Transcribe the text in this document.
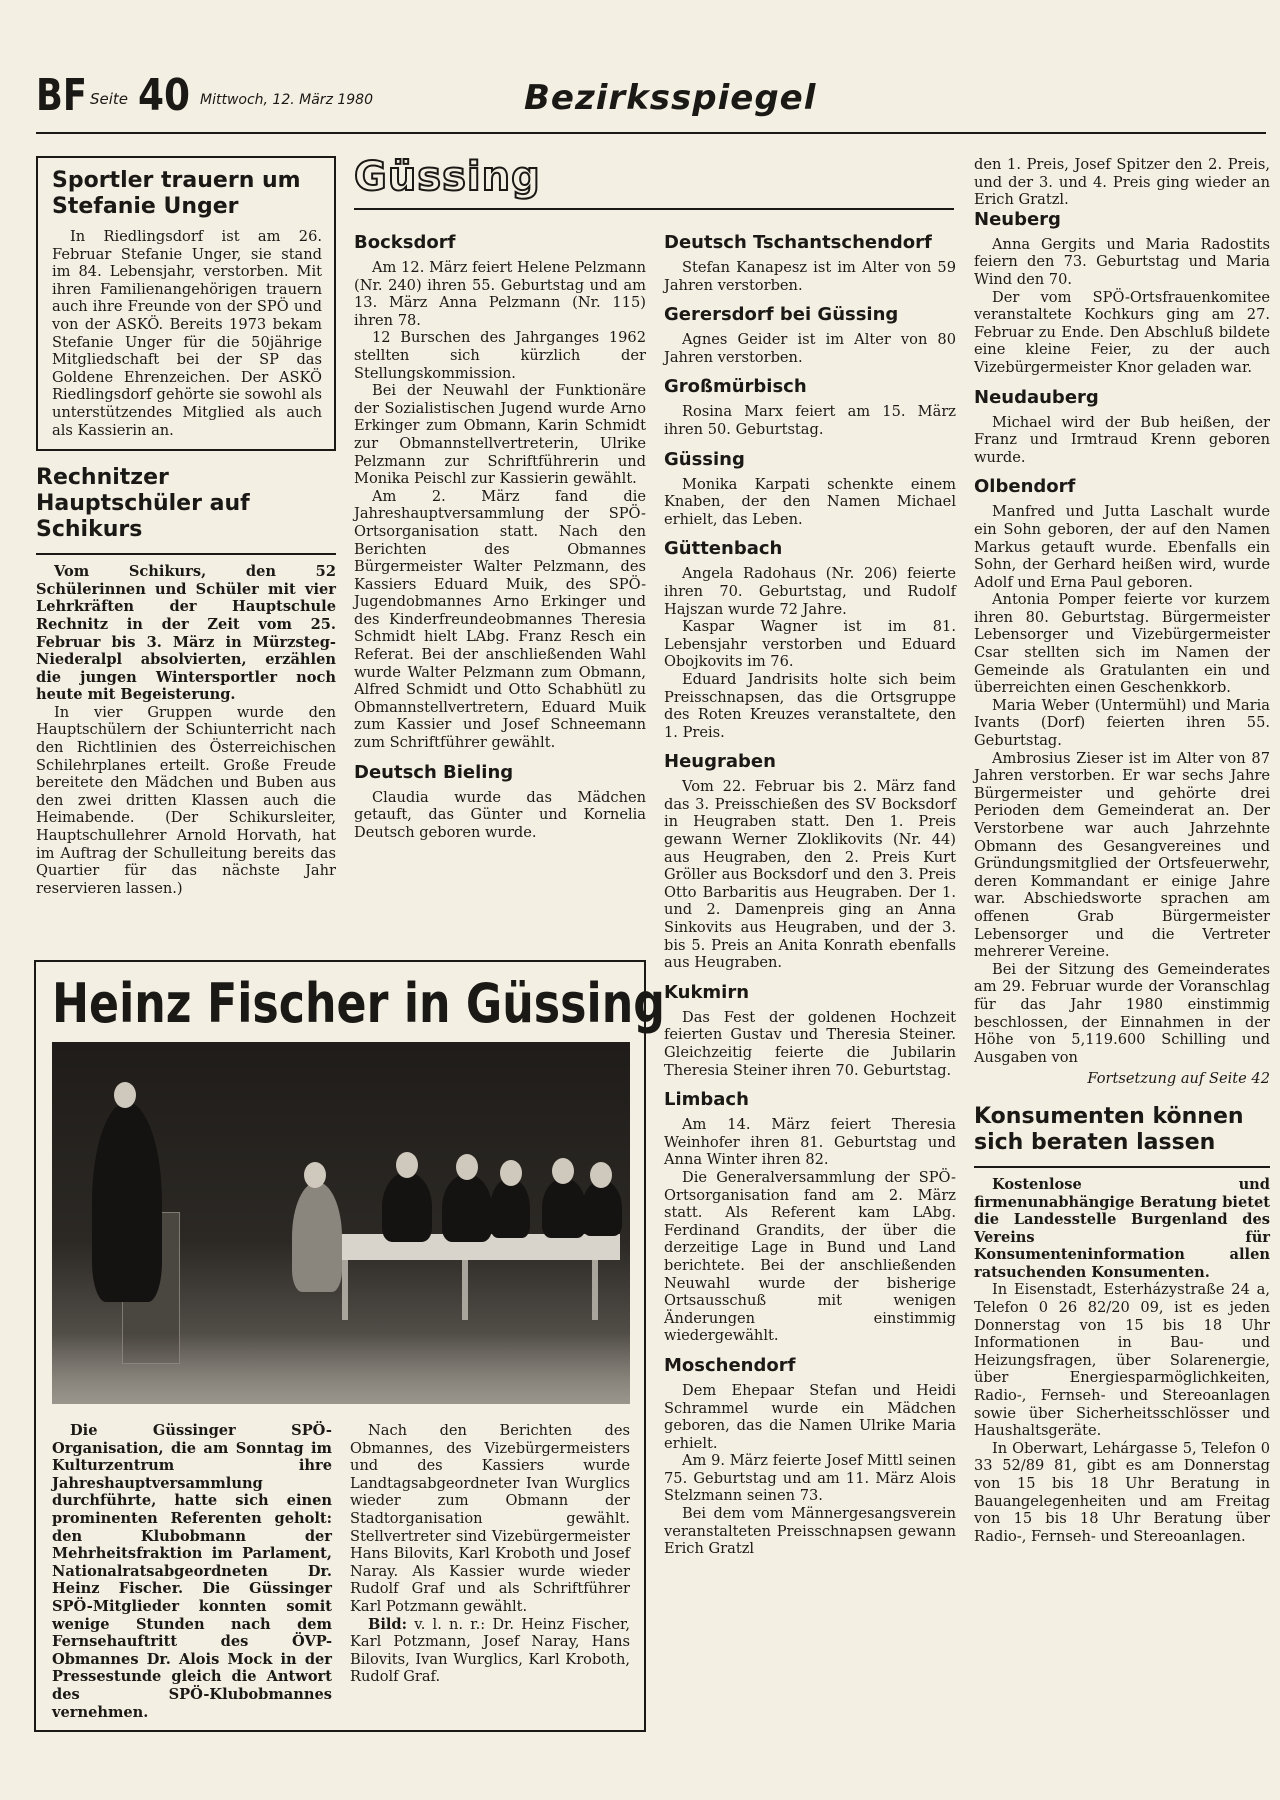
BF Seite 40 Mittwoch, 12. März 1980	Bezirksspiegel
Sportler trauern um Stefanie Unger

In Riedlingsdorf ist am 26. Februar Stefanie Unger, sie stand im 84. Lebensjahr, verstorben. Mit ihren Familienangehörigen trauern auch ihre Freunde von der SPÖ und von der ASKÖ. Bereits 1973 bekam Stefanie Unger für die 50jährige Mitgliedschaft bei der SP das Goldene Ehrenzeichen. Der ASKÖ Riedlingsdorf gehörte sie sowohl als unterstützendes Mitglied als auch als Kassierin an.

Rechnitzer Hauptschüler auf Schikurs

Vom Schikurs, den 52 Schülerinnen und Schüler mit vier Lehrkräften der Hauptschule Rechnitz in der Zeit vom 25. Februar bis 3. März in Mürzsteg-Niederalpl absolvierten, erzählen die jungen Wintersportler noch heute mit Begeisterung.

In vier Gruppen wurde den Hauptschülern der Schiunterricht nach den Richtlinien des Österreichischen Schilehrplanes erteilt. Große Freude bereitete den Mädchen und Buben aus den zwei dritten Klassen auch die Heimabende. (Der Schikursleiter, Hauptschullehrer Arnold Horvath, hat im Auftrag der Schulleitung bereits das Quartier für das nächste Jahr reservieren lassen.)

Güssing
Bocksdorf

Am 12. März feiert Helene Pelzmann (Nr. 240) ihren 55. Geburtstag und am 13. März Anna Pelzmann (Nr. 115) ihren 78.

12 Burschen des Jahrganges 1962 stellten sich kürzlich der Stellungskommission.

Bei der Neuwahl der Funktionäre der Sozialistischen Jugend wurde Arno Erkinger zum Obmann, Karin Schmidt zur Obmannstellvertreterin, Ulrike Pelzmann zur Schriftführerin und Monika Peischl zur Kassierin gewählt.

Am 2. März fand die Jahreshauptversammlung der SPÖ-Ortsorganisation statt. Nach den Berichten des Obmannes Bürgermeister Walter Pelzmann, des Kassiers Eduard Muik, des SPÖ-Jugendobmannes Arno Erkinger und des Kinderfreundeobmannes Theresia Schmidt hielt LAbg. Franz Resch ein Referat. Bei der anschließenden Wahl wurde Walter Pelzmann zum Obmann, Alfred Schmidt und Otto Schabhütl zu Obmannstellvertretern, Eduard Muik zum Kassier und Josef Schneemann zum Schriftführer gewählt.

Deutsch Bieling

Claudia wurde das Mädchen getauft, das Günter und Kornelia Deutsch geboren wurde.

Deutsch Tschantschendorf

Stefan Kanapesz ist im Alter von 59 Jahren verstorben.

Gerersdorf bei Güssing

Agnes Geider ist im Alter von 80 Jahren verstorben.

Großmürbisch

Rosina Marx feiert am 15. März ihren 50. Geburtstag.

Güssing

Monika Karpati schenkte einem Knaben, der den Namen Michael erhielt, das Leben.

Güttenbach

Angela Radohaus (Nr. 206) feierte ihren 70. Geburtstag, und Rudolf Hajszan wurde 72 Jahre.

Kaspar Wagner ist im 81. Lebensjahr verstorben und Eduard Obojkovits im 76.

Eduard Jandrisits holte sich beim Preisschnapsen, das die Ortsgruppe des Roten Kreuzes veranstaltete, den 1. Preis.

Heugraben

Vom 22. Februar bis 2. März fand das 3. Preisschießen des SV Bocksdorf in Heugraben statt. Den 1. Preis gewann Werner Zloklikovits (Nr. 44) aus Heugraben, den 2. Preis Kurt Gröller aus Bocksdorf und den 3. Preis Otto Barbaritis aus Heugraben. Der 1. und 2. Damenpreis ging an Anna Sinkovits aus Heugraben, und der 3. bis 5. Preis an Anita Konrath ebenfalls aus Heugraben.

Kukmirn

Das Fest der goldenen Hochzeit feierten Gustav und Theresia Steiner. Gleichzeitig feierte die Jubilarin Theresia Steiner ihren 70. Geburtstag.

Limbach

Am 14. März feiert Theresia Weinhofer ihren 81. Geburtstag und Anna Winter ihren 82.

Die Generalversammlung der SPÖ-Ortsorganisation fand am 2. März statt. Als Referent kam LAbg. Ferdinand Grandits, der über die derzeitige Lage in Bund und Land berichtete. Bei der anschließenden Neuwahl wurde der bisherige Ortsausschuß mit wenigen Änderungen einstimmig wiedergewählt.

Moschendorf

Dem Ehepaar Stefan und Heidi Schrammel wurde ein Mädchen geboren, das die Namen Ulrike Maria erhielt.

Am 9. März feierte Josef Mittl seinen 75. Geburtstag und am 11. März Alois Stelzmann seinen 73.

Bei dem vom Männergesangsverein veranstalteten Preisschnapsen gewann Erich Gratzl

den 1. Preis, Josef Spitzer den 2. Preis, und der 3. und 4. Preis ging wieder an Erich Gratzl.

Neuberg

Anna Gergits und Maria Radostits feiern den 73. Geburtstag und Maria Wind den 70.

Der vom SPÖ-Ortsfrauenkomitee veranstaltete Kochkurs ging am 27. Februar zu Ende. Den Abschluß bildete eine kleine Feier, zu der auch Vizebürgermeister Knor geladen war.

Neudauberg

Michael wird der Bub heißen, der Franz und Irmtraud Krenn geboren wurde.

Olbendorf

Manfred und Jutta Laschalt wurde ein Sohn geboren, der auf den Namen Markus getauft wurde. Ebenfalls ein Sohn, der Gerhard heißen wird, wurde Adolf und Erna Paul geboren.

Antonia Pomper feierte vor kurzem ihren 80. Geburtstag. Bürgermeister Lebensorger und Vizebürgermeister Csar stellten sich im Namen der Gemeinde als Gratulanten ein und überreichten einen Geschenkkorb.

Maria Weber (Untermühl) und Maria Ivants (Dorf) feierten ihren 55. Geburtstag.

Ambrosius Zieser ist im Alter von 87 Jahren verstorben. Er war sechs Jahre Bürgermeister und gehörte drei Perioden dem Gemeinderat an. Der Verstorbene war auch Jahrzehnte Obmann des Gesangvereines und Gründungsmitglied der Ortsfeuerwehr, deren Kommandant er einige Jahre war. Abschiedsworte sprachen am offenen Grab Bürgermeister Lebensorger und die Vertreter mehrerer Vereine.

Bei der Sitzung des Gemeinderates am 29. Februar wurde der Voranschlag für das Jahr 1980 einstimmig beschlossen, der Einnahmen in der Höhe von 5,119.600 Schilling und Ausgaben von

Fortsetzung auf Seite 42
Konsumenten können sich beraten lassen

Kostenlose und firmenunabhängige Beratung bietet die Landesstelle Burgenland des Vereins für Konsumenteninformation allen ratsuchenden Konsumenten.

In Eisenstadt, Esterházystraße 24 a, Telefon 0 26 82/20 09, ist es jeden Donnerstag von 15 bis 18 Uhr Informationen in Bau- und Heizungsfragen, über Solarenergie, über Energiesparmöglichkeiten, Radio-, Fernseh- und Stereoanlagen sowie über Sicherheitsschlösser und Haushaltsgeräte.

In Oberwart, Lehárgasse 5, Telefon 0 33 52/89 81, gibt es am Donnerstag von 15 bis 18 Uhr Beratung in Bauangelegenheiten und am Freitag von 15 bis 18 Uhr Beratung über Radio-, Fernseh- und Stereoanlagen.

Heinz Fischer in Güssing

Die Güssinger SPÖ-Organisation, die am Sonntag im Kulturzentrum ihre Jahreshauptversammlung durchführte, hatte sich einen prominenten Referenten geholt: den Klubobmann der Mehrheitsfraktion im Parlament, Nationalratsabgeordneten Dr. Heinz Fischer. Die Güssinger SPÖ-Mitglieder konnten somit wenige Stunden nach dem Fernsehauftritt des ÖVP-Obmannes Dr. Alois Mock in der Pressestunde gleich die Antwort des SPÖ-Klubobmannes vernehmen.

Nach den Berichten des Obmannes, des Vizebürgermeisters und des Kassiers wurde Landtagsabgeordneter Ivan Wurglics wieder zum Obmann der Stadtorganisation gewählt. Stellvertreter sind Vizebürgermeister Hans Bilovits, Karl Kroboth und Josef Naray. Als Kassier wurde wieder Rudolf Graf und als Schriftführer Karl Potzmann gewählt.

Bild: v. l. n. r.: Dr. Heinz Fischer, Karl Potzmann, Josef Naray, Hans Bilovits, Ivan Wurglics, Karl Kroboth, Rudolf Graf.
